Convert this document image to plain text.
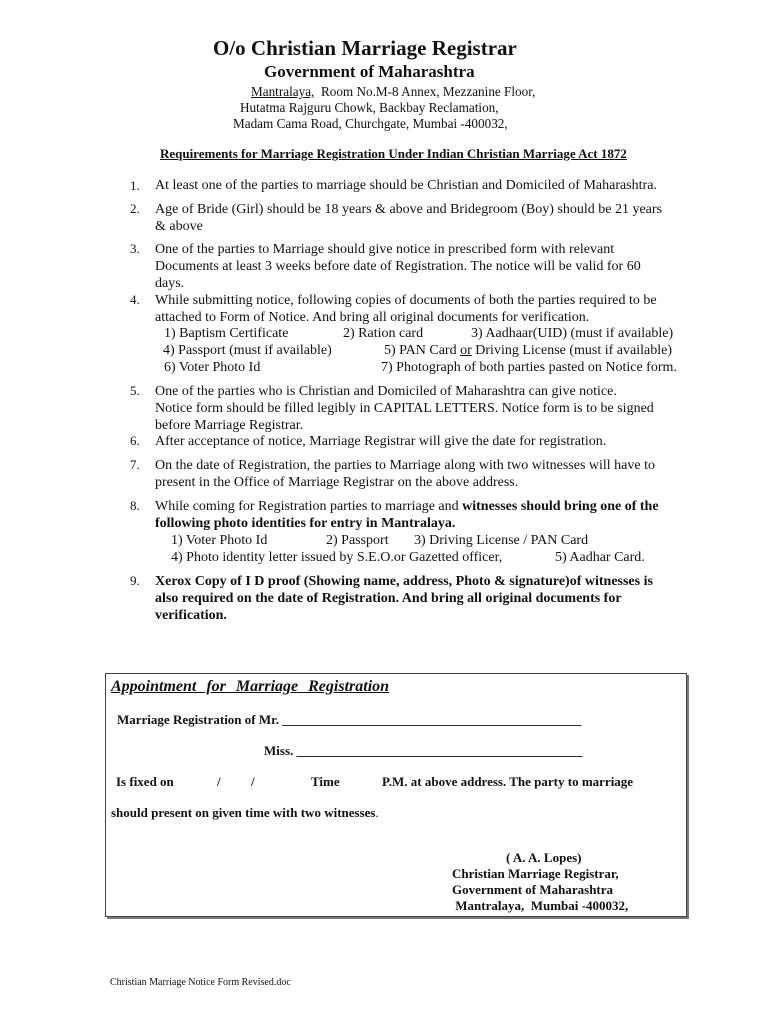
O/o Christian Marriage Registrar
Government of Maharashtra
Mantralaya, Room No.M-8 Annex, Mezzanine Floor,
Hutatma Rajguru Chowk, Backbay Reclamation,
Madam Cama Road, Churchgate, Mumbai -400032,
Requirements for Marriage Registration Under Indian Christian Marriage Act 1872
1. At least one of the parties to marriage should be Christian and Domiciled of Maharashtra.
2. Age of Bride (Girl) should be 18 years & above and Bridegroom (Boy) should be 21 years
& above
3. One of the parties to Marriage should give notice in prescribed form with relevant
Documents at least 3 weeks before date of Registration. The notice will be valid for 60
days.
4. While submitting notice, following copies of documents of both the parties required to be
attached to Form of Notice. And bring all original documents for verification.
1) Baptism Certificate	2) Ration card	3) Aadhaar(UID) (must if available)
4) Passport (must if available)	5) PAN Card or Driving License (must if available)
6) Voter Photo Id	7) Photograph of both parties pasted on Notice form.
5. One of the parties who is Christian and Domiciled of Maharashtra can give notice.
Notice form should be filled legibly in CAPITAL LETTERS. Notice form is to be signed
before Marriage Registrar.
6. After acceptance of notice, Marriage Registrar will give the date for registration.
7. On the date of Registration, the parties to Marriage along with two witnesses will have to
present in the Office of Marriage Registrar on the above address.
8. While coming for Registration parties to marriage and witnesses should bring one of the
following photo identities for entry in Mantralaya.
1) Voter Photo Id	2) Passport 3) Driving License / PAN Card
4) Photo identity letter issued by S.E.O.or Gazetted officer,	5) Aadhar Card.
9. Xerox Copy of I D proof (Showing name, address, Photo & signature)of witnesses is
also required on the date of Registration. And bring all original documents for
verification.
Appointment for Marriage Registration
Marriage Registration of Mr. ______________________________________________
Miss. ____________________________________________
Is fixed on	/ /	Time	P.M. at above address. The party to marriage
should present on given time with two witnesses.
( A. A. Lopes)
Christian Marriage Registrar,
Government of Maharashtra
Mantralaya,  Mumbai -400032,
Christian Marriage Notice Form Revised.doc
